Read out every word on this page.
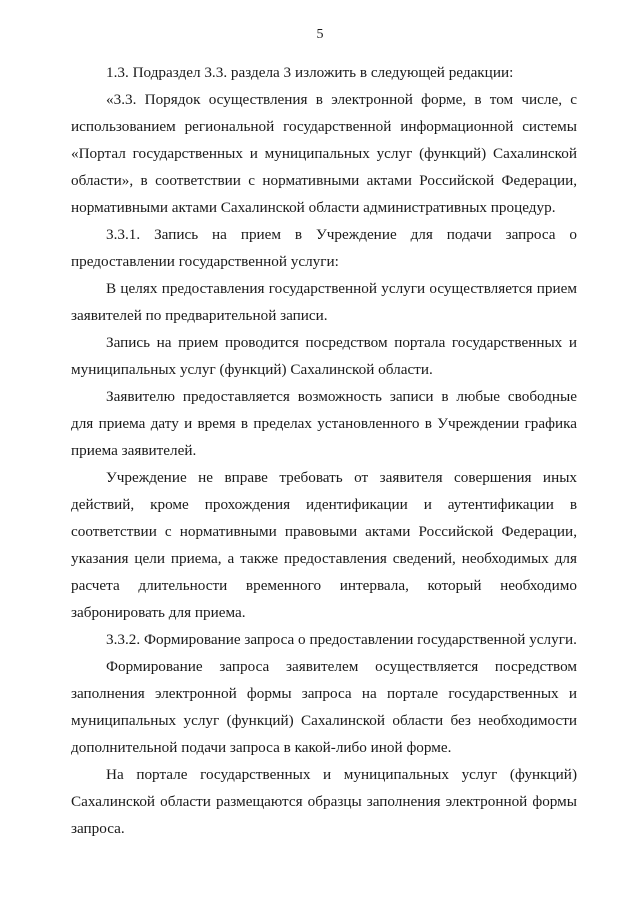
5

1.3. Подраздел 3.3. раздела 3 изложить в следующей редакции:

«3.3. Порядок осуществления в электронной форме, в том числе, с использованием региональной государственной информационной системы «Портал государственных и муниципальных услуг (функций) Сахалинской области», в соответствии с нормативными актами Российской Федерации, нормативными актами Сахалинской области административных процедур.

3.3.1. Запись на прием в Учреждение для подачи запроса о предоставлении государственной услуги:

В целях предоставления государственной услуги осуществляется прием заявителей по предварительной записи.

Запись на прием проводится посредством портала государственных и муниципальных услуг (функций) Сахалинской области.

Заявителю предоставляется возможность записи в любые свободные для приема дату и время в пределах установленного в Учреждении графика приема заявителей.

Учреждение не вправе требовать от заявителя совершения иных действий, кроме прохождения идентификации и аутентификации в соответствии с нормативными правовыми актами Российской Федерации, указания цели приема, а также предоставления сведений, необходимых для расчета длительности временного интервала, который необходимо забронировать для приема.

3.3.2. Формирование запроса о предоставлении государственной услуги.

Формирование запроса заявителем осуществляется посредством заполнения электронной формы запроса на портале государственных и муниципальных услуг (функций) Сахалинской области без необходимости дополнительной подачи запроса в какой-либо иной форме.

На портале государственных и муниципальных услуг (функций) Сахалинской области размещаются образцы заполнения электронной формы запроса.
